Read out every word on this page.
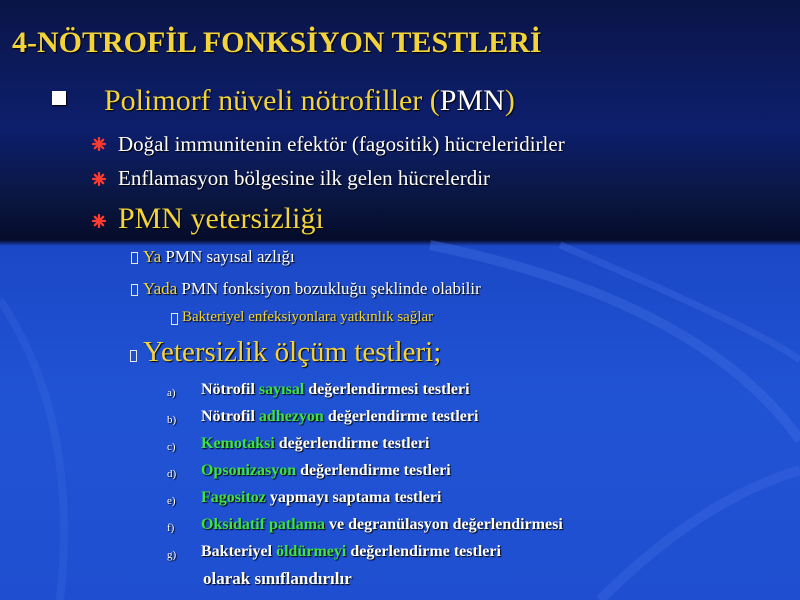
4-NÖTROFİL FONKSİYON TESTLERİ
Polimorf nüveli nötrofiller (PMN)
Doğal immunitenin efektör (fagositik) hücreleridirler
Enflamasyon bölgesine ilk gelen hücrelerdir
PMN yetersizliği
Ya PMN sayısal azlığı
Yada PMN fonksiyon bozukluğu şeklinde olabilir
Bakteriyel enfeksiyonlara yatkınlık sağlar
Yetersizlik ölçüm testleri;
a) Nötrofil sayısal değerlendirmesi testleri
b) Nötrofil adhezyon değerlendirme testleri
c) Kemotaksi değerlendirme testleri
d) Opsonizasyon değerlendirme testleri
e) Fagositoz yapmayı saptama testleri
f) Oksidatif patlama ve degranülasyon değerlendirmesi
g) Bakteriyel öldürmeyi değerlendirme testleri
olarak sınıflandırılır
